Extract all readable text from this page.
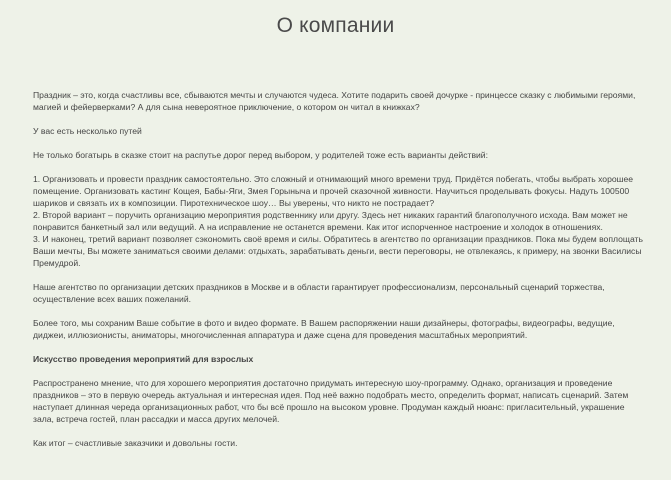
О компании

Праздник – это, когда счастливы все, сбываются мечты и случаются чудеса. Хотите подарить своей дочурке - принцессе сказку с любимыми героями, магией и фейерверками? А для сына невероятное приключение, о котором он читал в книжках?

У вас есть несколько путей

Не только богатырь в сказке стоит на распутье дорог перед выбором, у родителей тоже есть варианты действий:

1. Организовать и провести праздник самостоятельно. Это сложный и отнимающий много времени труд. Придётся побегать, чтобы выбрать хорошее помещение. Организовать кастинг Кощея, Бабы-Яги, Змея Горыныча и прочей сказочной живности. Научиться проделывать фокусы. Надуть 100500 шариков и связать их в композиции. Пиротехническое шоу… Вы уверены, что никто не пострадает?

2. Второй вариант – поручить организацию мероприятия родственнику или другу. Здесь нет никаких гарантий благополучного исхода. Вам может не понравится банкетный зал или ведущий. А на исправление не останется времени. Как итог испорченное настроение и холодок в отношениях.

3. И наконец, третий вариант позволяет сэкономить своё время и силы. Обратитесь в агентство по организации праздников. Пока мы будем воплощать Ваши мечты, Вы можете заниматься своими делами: отдыхать, зарабатывать деньги, вести переговоры, не отвлекаясь, к примеру, на звонки Василисы Премудрой.

Наше агентство по организации детских праздников в Москве и в области гарантирует профессионализм, персональный сценарий торжества, осуществление всех ваших пожеланий.

Более того, мы сохраним Ваше событие в фото и видео формате. В Вашем распоряжении наши дизайнеры, фотографы, видеографы, ведущие, диджеи, иллюзионисты, аниматоры, многочисленная аппаратура и даже сцена для проведения масштабных мероприятий.

Искусство проведения мероприятий для взрослых

Распространено мнение, что для хорошего мероприятия достаточно придумать интересную шоу-программу. Однако, организация и проведение праздников – это в первую очередь актуальная и интересная идея. Под неё важно подобрать место, определить формат, написать сценарий. Затем наступает длинная череда организационных работ, что бы всё прошло на высоком уровне. Продуман каждый нюанс: пригласительный, украшение зала, встреча гостей, план рассадки и масса других мелочей.

Как итог – счастливые заказчики и довольны гости.
